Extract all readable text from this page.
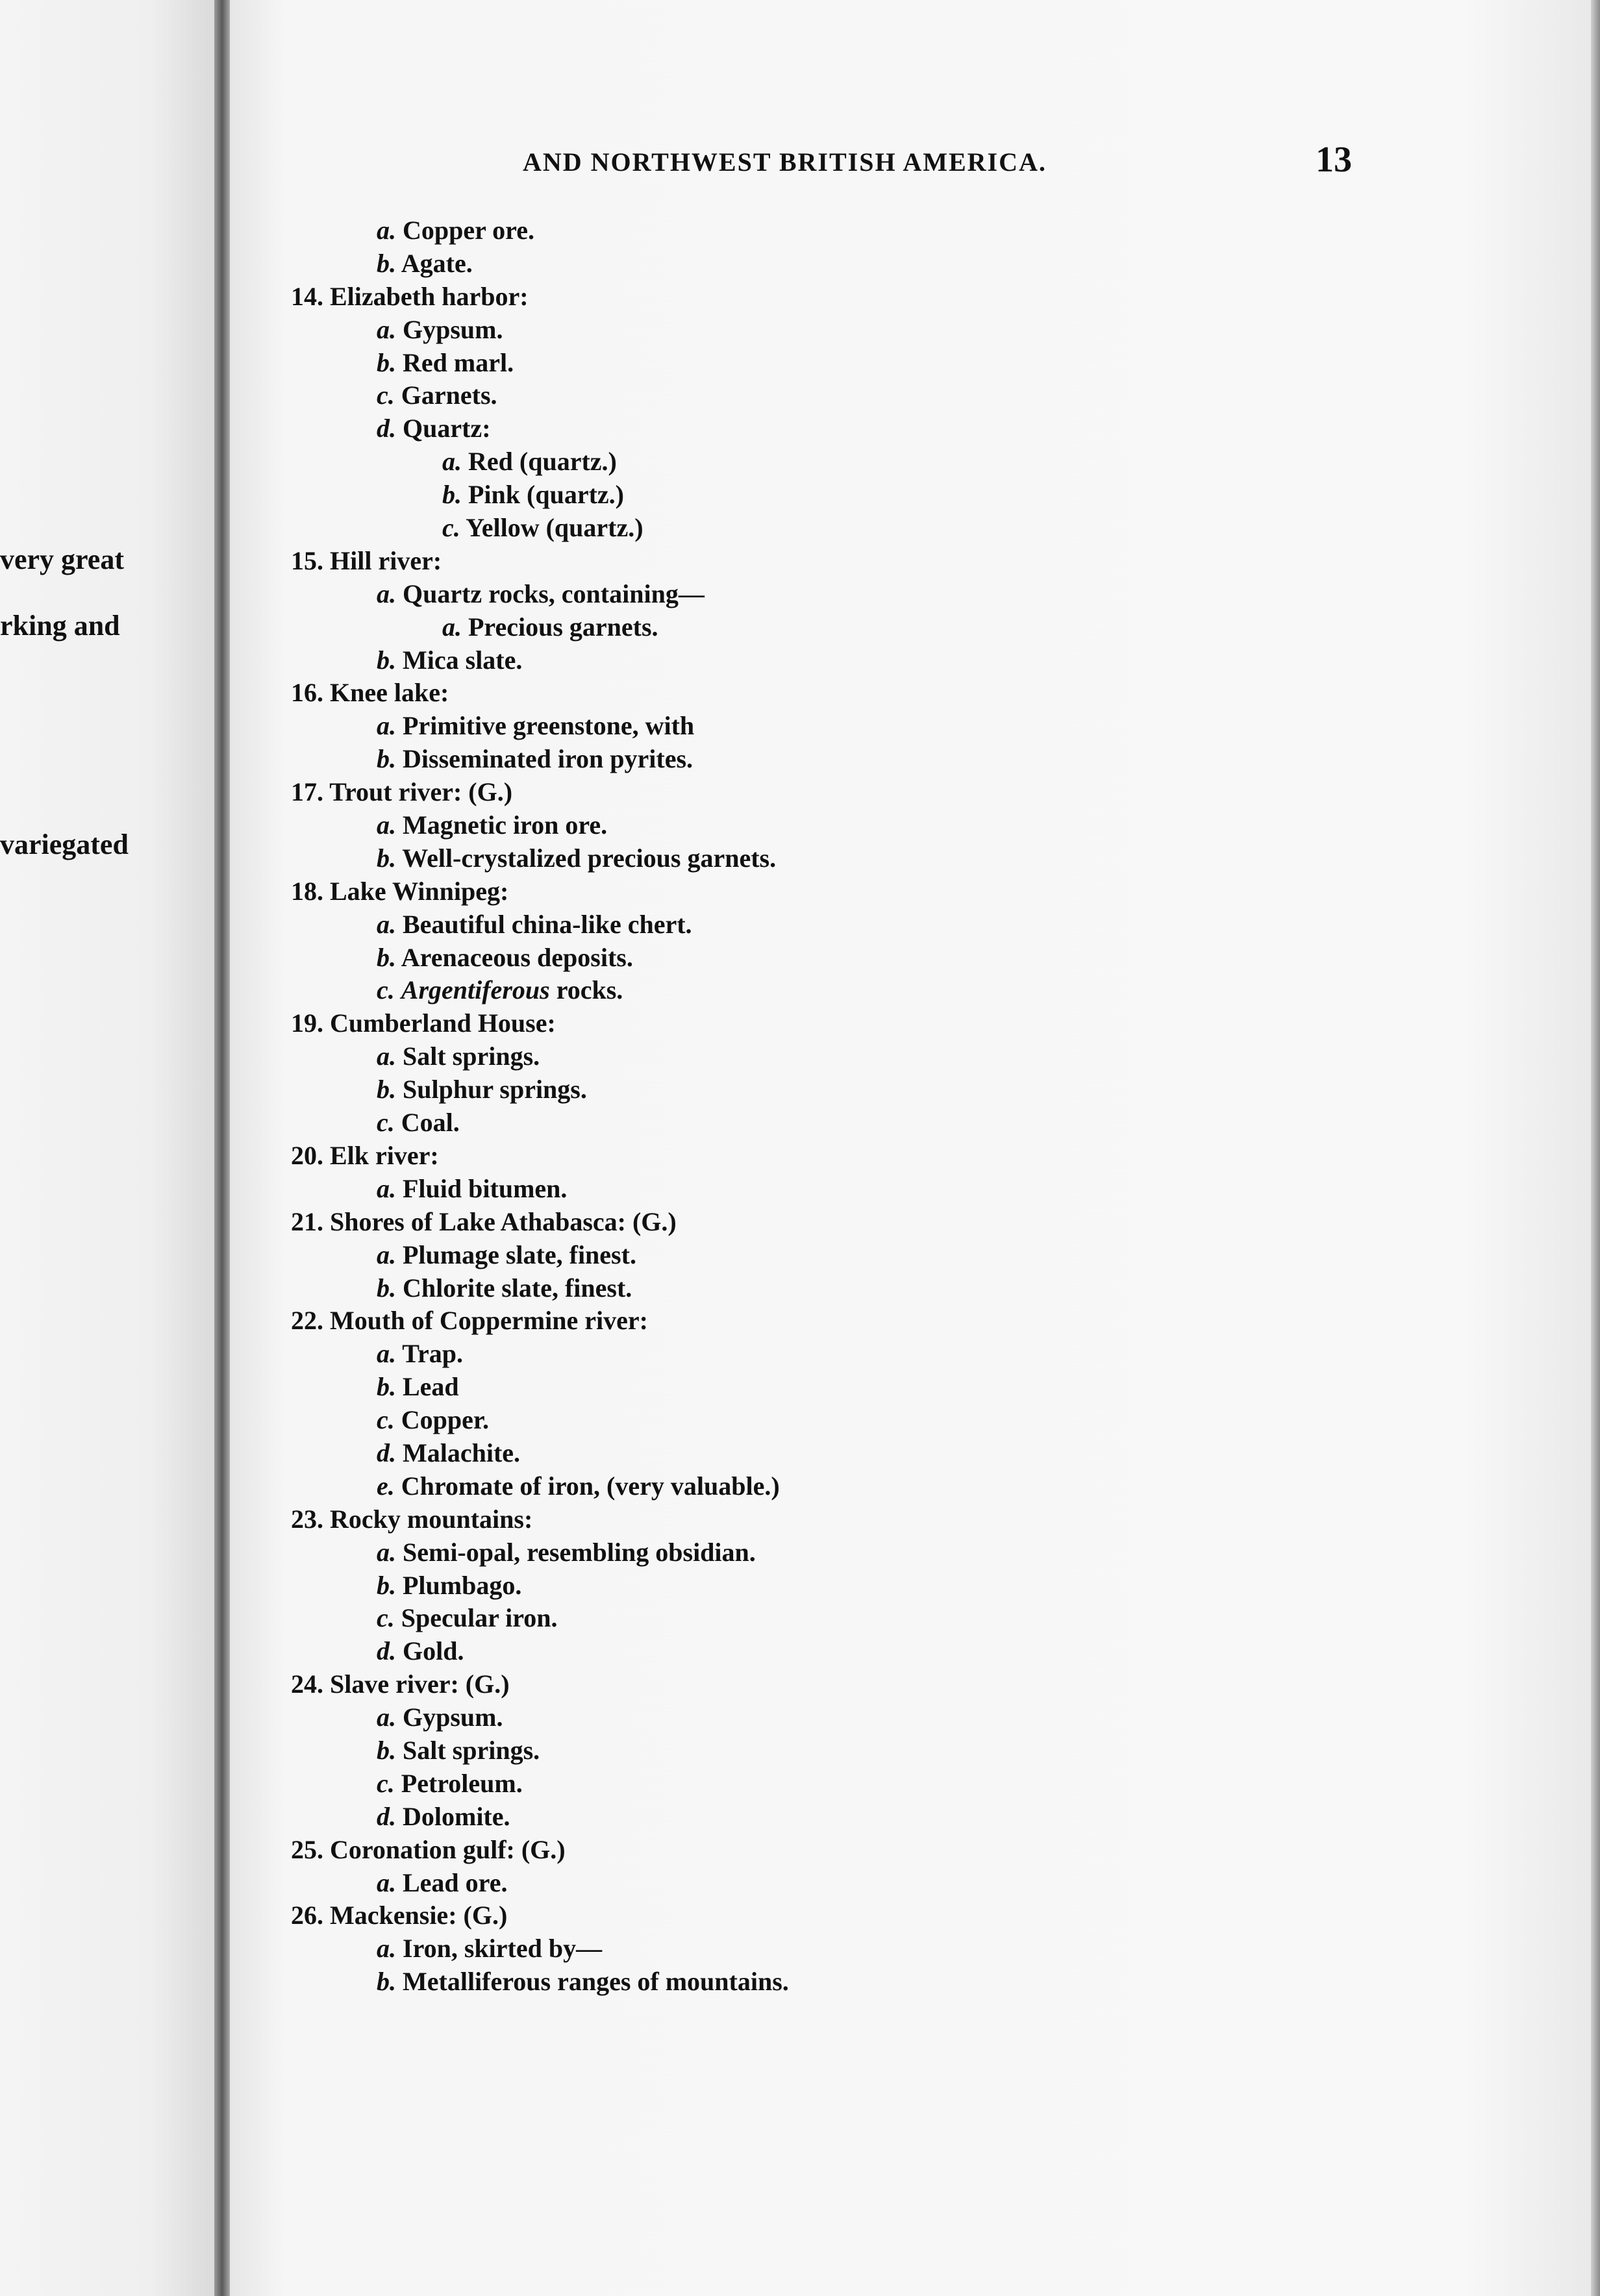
very great
rking and
variegated
AND NORTHWEST BRITISH AMERICA.	13
a. Copper ore.
b. Agate.
14. Elizabeth harbor:
a. Gypsum.
b. Red marl.
c. Garnets.
d. Quartz:
a. Red (quartz.)
b. Pink (quartz.)
c. Yellow (quartz.)
15. Hill river:
a. Quartz rocks, containing—
a. Precious garnets.
b. Mica slate.
16. Knee lake:
a. Primitive greenstone, with
b. Disseminated iron pyrites.
17. Trout river: (G.)
a. Magnetic iron ore.
b. Well-crystalized precious garnets.
18. Lake Winnipeg:
a. Beautiful china-like chert.
b. Arenaceous deposits.
c. Argentiferous rocks.
19. Cumberland House:
a. Salt springs.
b. Sulphur springs.
c. Coal.
20. Elk river:
a. Fluid bitumen.
21. Shores of Lake Athabasca: (G.)
a. Plumage slate, finest.
b. Chlorite slate, finest.
22. Mouth of Coppermine river:
a. Trap.
b. Lead
c. Copper.
d. Malachite.
e. Chromate of iron, (very valuable.)
23. Rocky mountains:
a. Semi-opal, resembling obsidian.
b. Plumbago.
c. Specular iron.
d. Gold.
24. Slave river: (G.)
a. Gypsum.
b. Salt springs.
c. Petroleum.
d. Dolomite.
25. Coronation gulf: (G.)
a. Lead ore.
26. Mackensie: (G.)
a. Iron, skirted by—
b. Metalliferous ranges of mountains.
